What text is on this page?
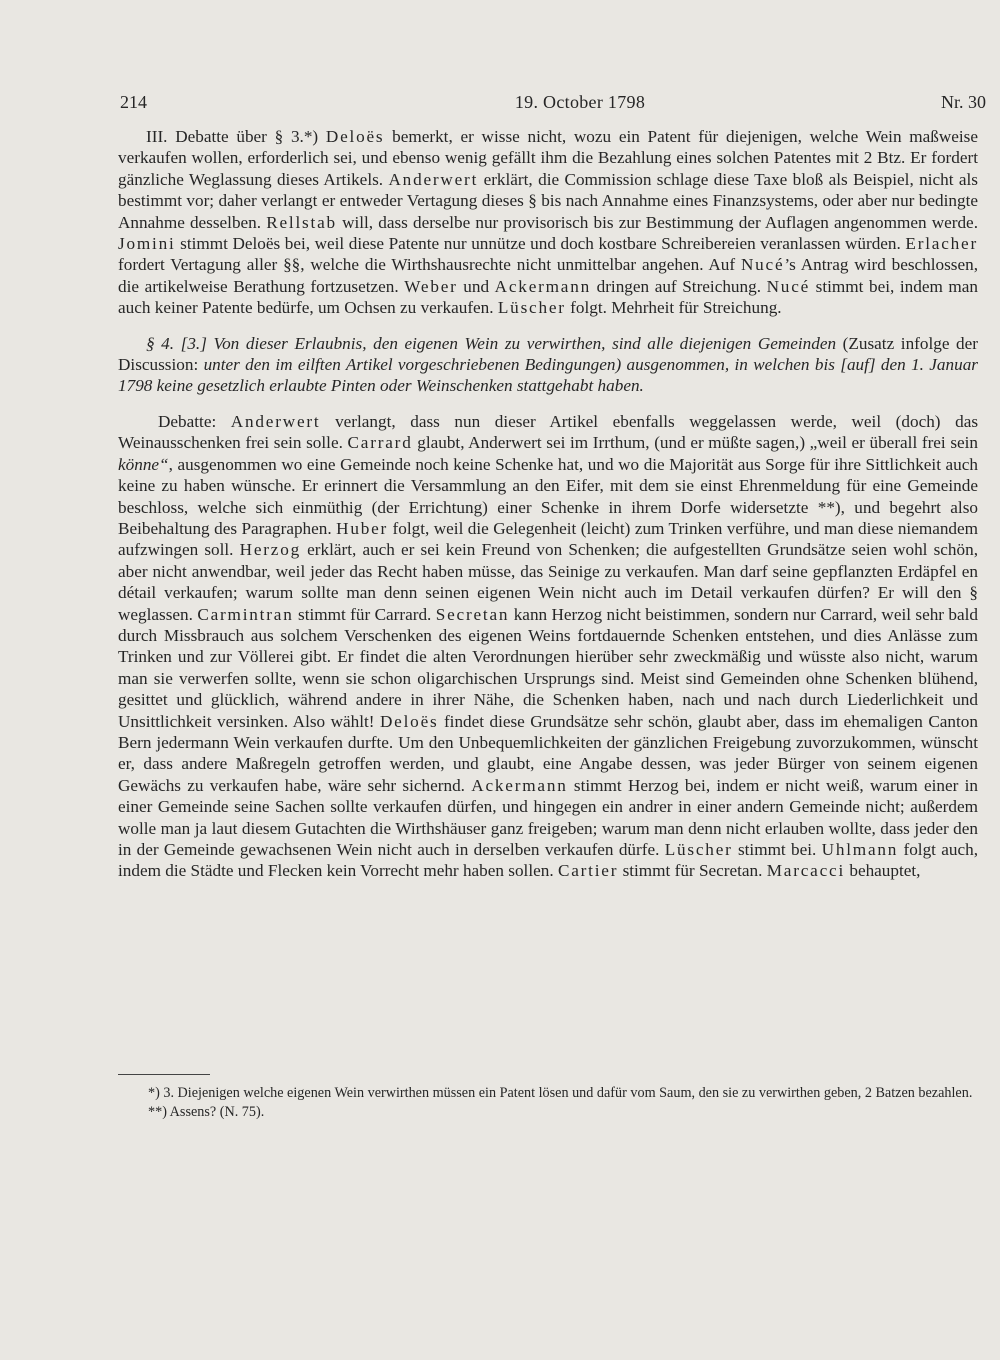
214	19. October 1798	Nr. 30

III. Debatte über § 3.*) Deloës bemerkt, er wisse nicht, wozu ein Patent für diejenigen, welche Wein maßweise verkaufen wollen, erforderlich sei, und ebenso wenig gefällt ihm die Bezahlung eines solchen Patentes mit 2 Btz. Er fordert gänzliche Weglassung dieses Artikels. Anderwert erklärt, die Commission schlage diese Taxe bloß als Beispiel, nicht als bestimmt vor; daher verlangt er entweder Vertagung dieses § bis nach Annahme eines Finanzsystems, oder aber nur bedingte Annahme desselben. Rellstab will, dass derselbe nur provisorisch bis zur Bestimmung der Auflagen angenommen werde. Jomini stimmt Deloës bei, weil diese Patente nur unnütze und doch kostbare Schreibereien veranlassen würden. Erlacher fordert Vertagung aller §§, welche die Wirthshausrechte nicht unmittelbar angehen. Auf Nucé’s Antrag wird beschlossen, die artikelweise Berathung fortzusetzen. Weber und Ackermann dringen auf Streichung. Nucé stimmt bei, indem man auch keiner Patente bedürfe, um Ochsen zu verkaufen. Lüscher folgt. Mehrheit für Streichung.

§ 4. [3.] Von dieser Erlaubnis, den eigenen Wein zu verwirthen, sind alle diejenigen Gemeinden (Zusatz infolge der Discussion: unter den im eilften Artikel vorgeschriebenen Bedingungen) ausgenommen, in welchen bis [auf] den 1. Januar 1798 keine gesetzlich erlaubte Pinten oder Weinschenken stattgehabt haben.

Debatte: Anderwert verlangt, dass nun dieser Artikel ebenfalls weggelassen werde, weil (doch) das Weinausschenken frei sein solle. Carrard glaubt, Anderwert sei im Irrthum, (und er müßte sagen,) „weil er überall frei sein könne“, ausgenommen wo eine Gemeinde noch keine Schenke hat, und wo die Majorität aus Sorge für ihre Sittlichkeit auch keine zu haben wünsche. Er erinnert die Versammlung an den Eifer, mit dem sie einst Ehrenmeldung für eine Gemeinde beschloss, welche sich einmüthig (der Errichtung) einer Schenke in ihrem Dorfe widersetzte **), und begehrt also Beibehaltung des Paragraphen. Huber folgt, weil die Gelegenheit (leicht) zum Trinken verführe, und man diese niemandem aufzwingen soll. Herzog erklärt, auch er sei kein Freund von Schenken; die aufgestellten Grundsätze seien wohl schön, aber nicht anwendbar, weil jeder das Recht haben müsse, das Seinige zu verkaufen. Man darf seine gepflanzten Erdäpfel en détail verkaufen; warum sollte man denn seinen eigenen Wein nicht auch im Detail verkaufen dürfen? Er will den § weglassen. Carmintran stimmt für Carrard. Secretan kann Herzog nicht beistimmen, sondern nur Carrard, weil sehr bald durch Missbrauch aus solchem Verschenken des eigenen Weins fortdauernde Schenken entstehen, und dies Anlässe zum Trinken und zur Völlerei gibt. Er findet die alten Verordnungen hierüber sehr zweckmäßig und wüsste also nicht, warum man sie verwerfen sollte, wenn sie schon oligarchischen Ursprungs sind. Meist sind Gemeinden ohne Schenken blühend, gesittet und glücklich, während andere in ihrer Nähe, die Schenken haben, nach und nach durch Liederlichkeit und Unsittlichkeit versinken. Also wählt! Deloës findet diese Grundsätze sehr schön, glaubt aber, dass im ehemaligen Canton Bern jedermann Wein verkaufen durfte. Um den Unbequemlichkeiten der gänzlichen Freigebung zuvorzukommen, wünscht er, dass andere Maßregeln getroffen werden, und glaubt, eine Angabe dessen, was jeder Bürger von seinem eigenen Gewächs zu verkaufen habe, wäre sehr sichernd. Ackermann stimmt Herzog bei, indem er nicht weiß, warum einer in einer Gemeinde seine Sachen sollte verkaufen dürfen, und hingegen ein andrer in einer andern Gemeinde nicht; außerdem wolle man ja laut diesem Gutachten die Wirthshäuser ganz freigeben; warum man denn nicht erlauben wollte, dass jeder den in der Gemeinde gewachsenen Wein nicht auch in derselben verkaufen dürfe. Lüscher stimmt bei. Uhlmann folgt auch, indem die Städte und Flecken kein Vorrecht mehr haben sollen. Cartier stimmt für Secretan. Marcacci behauptet,

*) 3. Diejenigen welche eigenen Wein verwirthen müssen ein Patent lösen und dafür vom Saum, den sie zu verwirthen geben, 2 Batzen bezahlen.

**) Assens? (N. 75).
